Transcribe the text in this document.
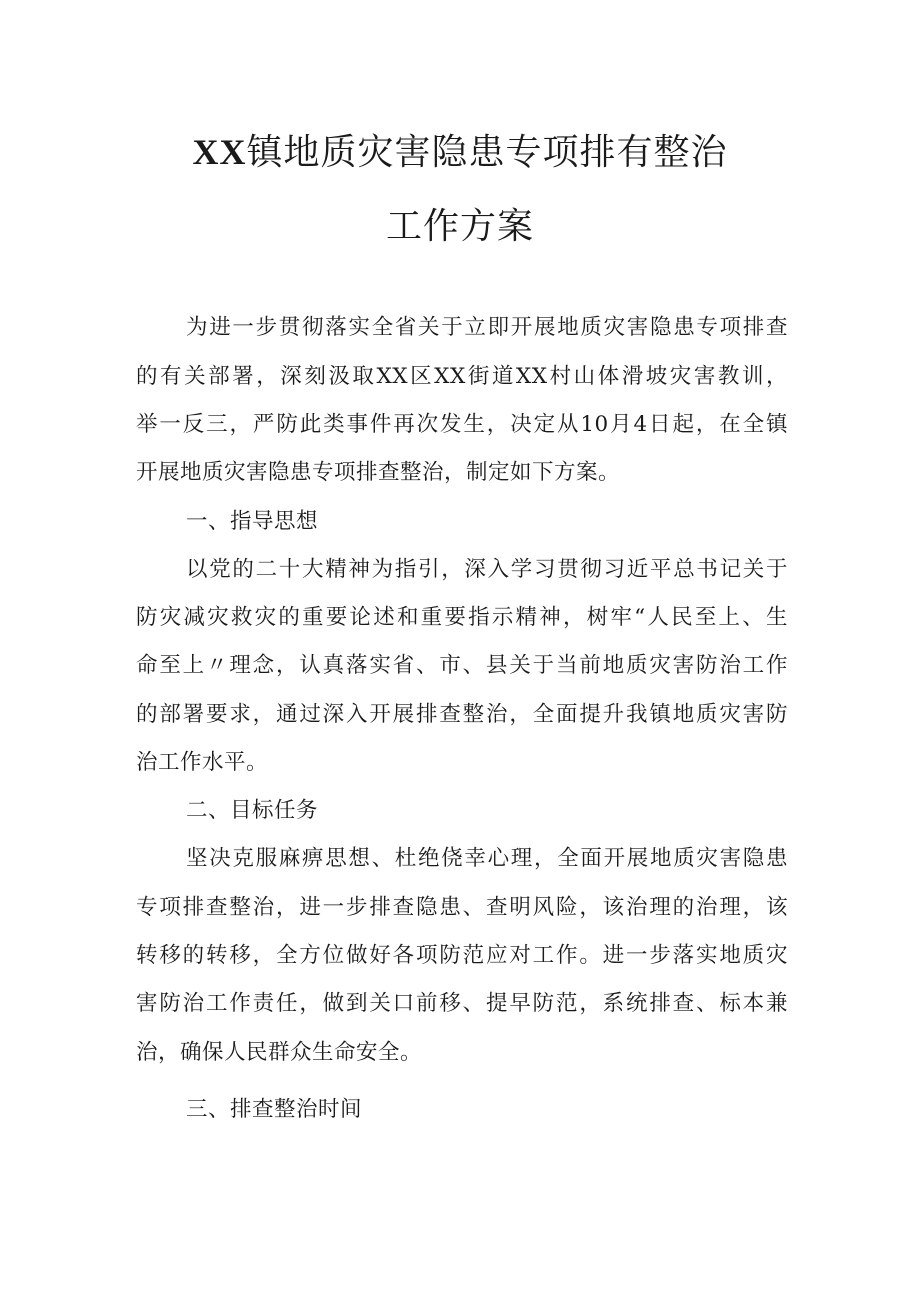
XX镇地质灾害隐患专项排有整治
工作方案

为进一步贯彻落实全省关于立即开展地质灾害隐患专项排查

的有关部署，深刻汲取XX区XX街道XX村山体滑坡灾害教训，

举一反三，严防此类事件再次发生，决定从10月4日起，在全镇

开展地质灾害隐患专项排查整治，制定如下方案。

一、指导思想

以党的二十大精神为指引，深入学习贯彻习近平总书记关于

防灾减灾救灾的重要论述和重要指示精神，树牢“人民至上、生

命至上〃理念，认真落实省、市、县关于当前地质灾害防治工作

的部署要求，通过深入开展排查整治，全面提升我镇地质灾害防

治工作水平。

二、目标任务

坚决克服麻痹思想、杜绝侥幸心理，全面开展地质灾害隐患

专项排查整治，进一步排查隐患、查明风险，该治理的治理，该

转移的转移，全方位做好各项防范应对工作。进一步落实地质灾

害防治工作责任，做到关口前移、提早防范，系统排查、标本兼

治，确保人民群众生命安全。

三、排查整治时间
